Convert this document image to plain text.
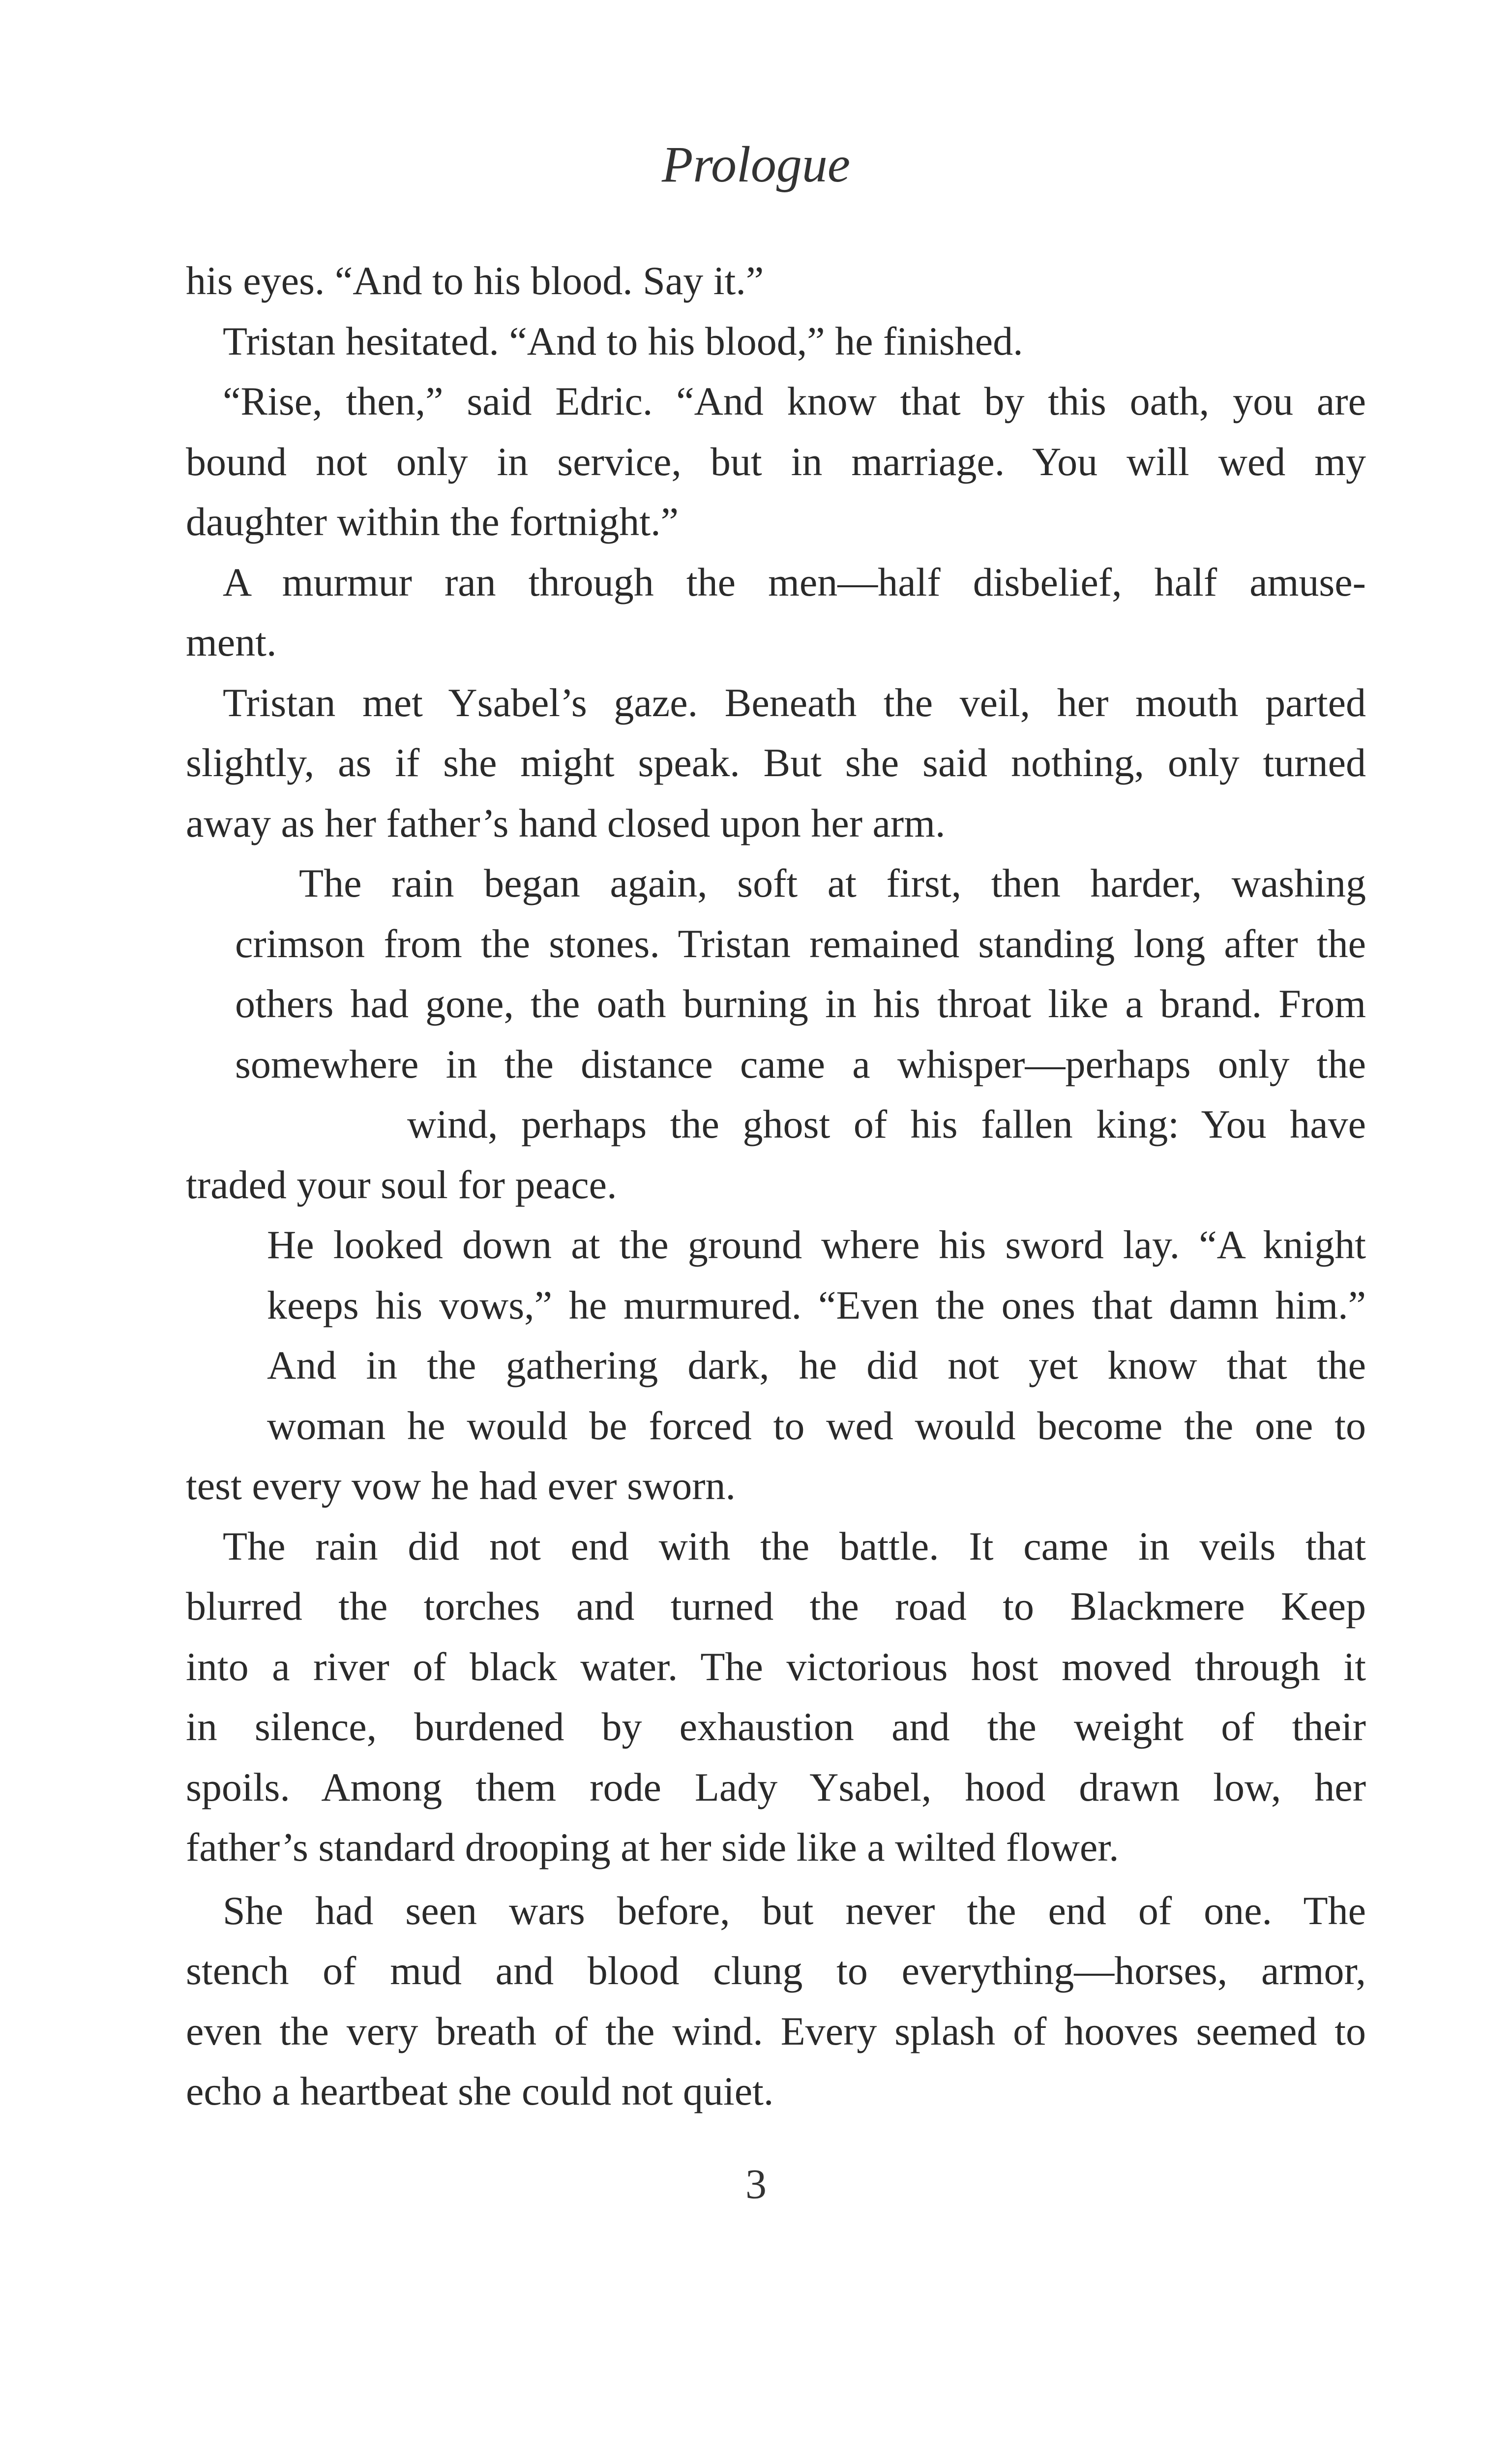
Prologue
his eyes. “And to his blood. Say it.”
Tristan hesitated. “And to his blood,” he finished.
“Rise, then,” said Edric. “And know that by this oath, you are
bound not only in service, but in marriage. You will wed my
daughter within the fortnight.”
A murmur ran through the men—half disbelief, half amuse-
ment.
Tristan met Ysabel’s gaze. Beneath the veil, her mouth parted
slightly, as if she might speak. But she said nothing, only turned
away as her father’s hand closed upon her arm.
The rain began again, soft at first, then harder, washing
crimson from the stones. Tristan remained standing long after the
others had gone, the oath burning in his throat like a brand. From
somewhere in the distance came a whisper—perhaps only the
wind, perhaps the ghost of his fallen king: You have
traded your soul for peace.
He looked down at the ground where his sword lay. “A knight
keeps his vows,” he murmured. “Even the ones that damn him.”
And in the gathering dark, he did not yet know that the
woman he would be forced to wed would become the one to
test every vow he had ever sworn.
The rain did not end with the battle. It came in veils that
blurred the torches and turned the road to Blackmere Keep
into a river of black water. The victorious host moved through it
in silence, burdened by exhaustion and the weight of their
spoils. Among them rode Lady Ysabel, hood drawn low, her
father’s standard drooping at her side like a wilted flower.
She had seen wars before, but never the end of one. The
stench of mud and blood clung to everything—horses, armor,
even the very breath of the wind. Every splash of hooves seemed to
echo a heartbeat she could not quiet.
3
